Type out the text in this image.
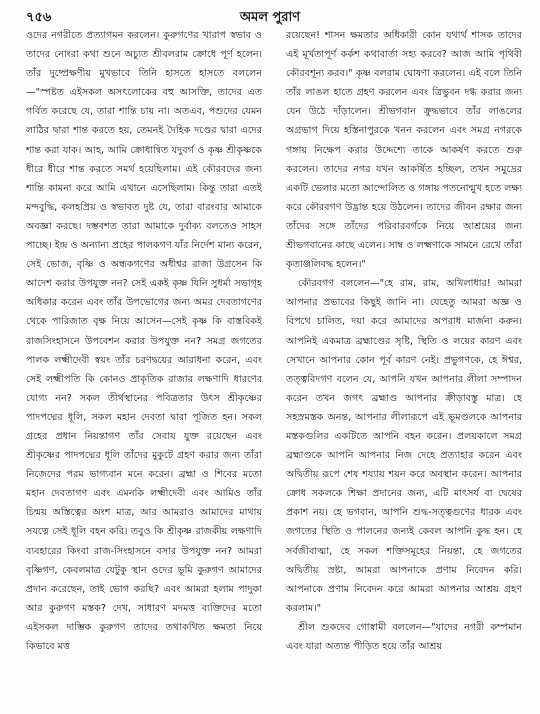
৭৫৬	অমল পুরাণ

ওদের নগরীতে প্রত্যাগমন করলেন। কুরুগণের খারাপ স্বভাব ও তাদের নোংরা কথা শুনে অচ্যুত শ্রীবলরাম ক্রোধে পূর্ণ হলেন। তাঁর দুষ্প্রেক্ষণীয় মুখভাবে তিনি হাসতে হাসতে বললেন—"স্পষ্টত এইসকল অসৎলোকের বহু আসক্তি, তাদের এত গর্বিত করেছে যে, তারা শান্তি চায় না। অতএব, পশুদের যেমন লাঠির দ্বারা শান্ত করতে হয়, তেমনই দৈহিক দণ্ডের দ্বারা এদের শান্ত করা যাক। আহ, আমি ক্রোধান্বিত যদুবর্গ ও কৃষ্ণ শ্রীকৃষ্ণকে ধীরে ধীরে শান্ত করতে সমর্থ হয়েছিলাম। এই কৌরবদের জন্য শান্তি কামনা করে আমি এখানে এসেছিলাম। কিন্তু তারা এতই মন্দবুদ্ধি, কলহপ্রিয় ও স্বভাবত দুষ্ট যে, তারা বারংবার আমাকে অবজ্ঞা করছে। দম্ভবশত তারা আমাকে দুর্বাক্য বলতেও সাহস পাচ্ছে। ইন্দ্র ও অন্যান্য প্রহের পালকগণ যাঁর নির্দেশ মান্য করেন, সেই ভোজ, বৃষ্ণি ও অন্ধকগণের অধীশ্বর রাজা উগ্রসেন কি আদেশ করার উপযুক্ত নন? সেই একই কৃষ্ণ যিনি সুধর্মা সভাগৃহ অধিকার করেন এবং তাঁর উপভোগের জন্য অমর দেবতাগণের থেকে পারিজাত বৃক্ষ নিয়ে আসেন—সেই কৃষ্ণ কি বাস্তবিকই রাজসিংহাসনে উপবেশন করার উপযুক্ত নন? সমগ্র জগতের পালক লক্ষ্মীদেবী স্বয়ং তাঁর চরণদ্বয়ের আরাধনা করেন, এবং সেই লক্ষ্মীপতি কি কোনও প্রাকৃতিক রাজার লক্ষণাদি ধারণের যোগ্য নন? সকল তীর্থস্থানের পবিত্রতার উৎস শ্রীকৃষ্ণের পাদপদ্মের ধূলি, সকল মহান দেবতা দ্বারা পূজিত হন। সকল গ্রহের প্রধান নিয়ন্তাগণ তাঁর সেবায় যুক্ত রয়েছেন এবং শ্রীকৃষ্ণের পাদপদ্মের ধূলি তাঁদের মুকুটে গ্রহণ করার জন্য তাঁরা নিজেদের পরম ভাগ্যবান মনে করেন। ব্রহ্মা ও শিবের মতো মহান দেবতাগণ এবং এমনকি লক্ষ্মীদেবী এবং আমিও তাঁর চিন্ময় অস্তিত্বের অংশ মাত্র, আর আমরাও আমাদের মাথায় সযত্নে সেই ধূলি বহন করি। তবুও কি শ্রীকৃষ্ণ রাজকীয় লক্ষণাদি ব্যবহারের কিংবা রাজ-সিংহাসনে বসার উপযুক্ত নন? আমরা বৃষ্ণিগণ, কেবলমাত্র যেটুকু স্থান ওদের ভূমি কুরুগণ আমাদের প্রদান করেছেন, তাই ভোগ করছি? এবং আমরা হলাম পাদুকা আর কুরুগণ মস্তক? দেখ, সাধারণ মদমত্ত ব্যক্তিদের মতো এইসকল দাম্ভিক কুরুগণ তাদের তথাকথিত ক্ষমতা নিয়ে কিভাবে মত্ত

রয়েছেন! শাসন ক্ষমতার অধিকারী কোন যথার্থ শাসক তাদের এই মূর্খতাপূর্ণ কর্কশ কথাবার্তা সহ্য করবে? আজ আমি পৃথিবী কৌরবশূন্য করব।" কৃষ্ণ বলরাম ঘোষণা করলেন। এই বলে তিনি তাঁর লাঙল হাতে গ্রহণ করলেন এবং ত্রিভুবন দগ্ধ করার জন্য যেন উঠে দাঁড়ালেন। শ্রীভগবান ক্রুদ্ধভাবে তাঁর লাঙলের অগ্রভাগ দিয়ে হস্তিনাপুরকে খনন করলেন এবং সমগ্র নগরকে গঙ্গায় নিক্ষেপ করার উদ্দেশ্যে তাকে আকর্ষণ করতে শুরু করলেন। তাদের নগর যখন আকর্ষিত হচ্ছিল, তখন সমুদ্রের একটি ভেলার মতো আন্দোলিত ও গঙ্গায় পতনোন্মুখ হতে লক্ষ্য করে কৌরবগণ উদ্ভ্রান্ত হয়ে উঠলেন। তাদের জীবন রক্ষার জন্য তাঁদের সঙ্গে তাঁদের পরিবারবর্গকে নিয়ে আশ্রয়ের জন্য শ্রীভগবানের কাছে এলেন। সাম্ব ও লক্ষ্মণাকে সামনে রেখে তাঁরা কৃতাঞ্জলিবদ্ধ হলেন।"

কৌরবগণ বললেন—"হে রাম, রাম, অখিলাধার! আমরা আপনার প্রভাবের কিছুই জানি না। যেহেতু আমরা অজ্ঞ ও বিপথে চালিত, দয়া করে আমাদের অপরাধ মার্জনা করুন। আপনিই একমাত্র ব্রহ্মাণ্ডের সৃষ্টি, স্থিতি ও লয়ের কারণ এবং সেখানে আপনার কোন পূর্ব কারণ নেই। প্রভুগণকে, হে ঈশ্বর, তত্ত্ববিদগণ বলেন যে, আপনি যখন আপনার লীলা সম্পাদন করেন তখন জগৎ ব্রহ্মাণ্ড আপনার ক্রীড়াবস্তু মাত্র। হে সহস্রমস্তক অনন্ত, আপনার লীলারূপে এই ভূমণ্ডলকে আপনার মস্তকগুলির একটিতে আপনি বহন করেন। প্রলয়কালে সমগ্র ব্রহ্মাণ্ডকে আপনি আপনার নিজ দেহে প্রত্যাহার করেন এবং অদ্বিতীয় রূপে শেষ শয্যায় শয়ন করে অবস্থান করেন। আপনার ক্রোধ সকলকে শিক্ষা প্রদানের জন্য, এটি মাৎসর্য বা দ্বেষের প্রকাশ নয়। হে ভগবান, আপনি শুদ্ধ-সত্ত্বগুণের ধারক এবং জগতের স্থিতি ও পালনের জন্যই কেবল আপনি কুদ্ধ হন। হে সর্বজীবাত্মা, হে সকল শক্তিসমূহের নিয়ন্তা, হে জগতের অদ্বিতীয় স্রষ্টা, আমরা আপনাকে প্রণাম নিবেদন করি। আপনাকে প্রণাম নিবেদন করে আমরা আপনার আশ্রয় গ্রহণ করলাম।"

শ্রীল শুকদেব গোস্বামী বললেন—"যাদের নগরী কম্পমান এবং যারা অত্যন্ত পীড়িত হয়ে তাঁর আশ্রয়
